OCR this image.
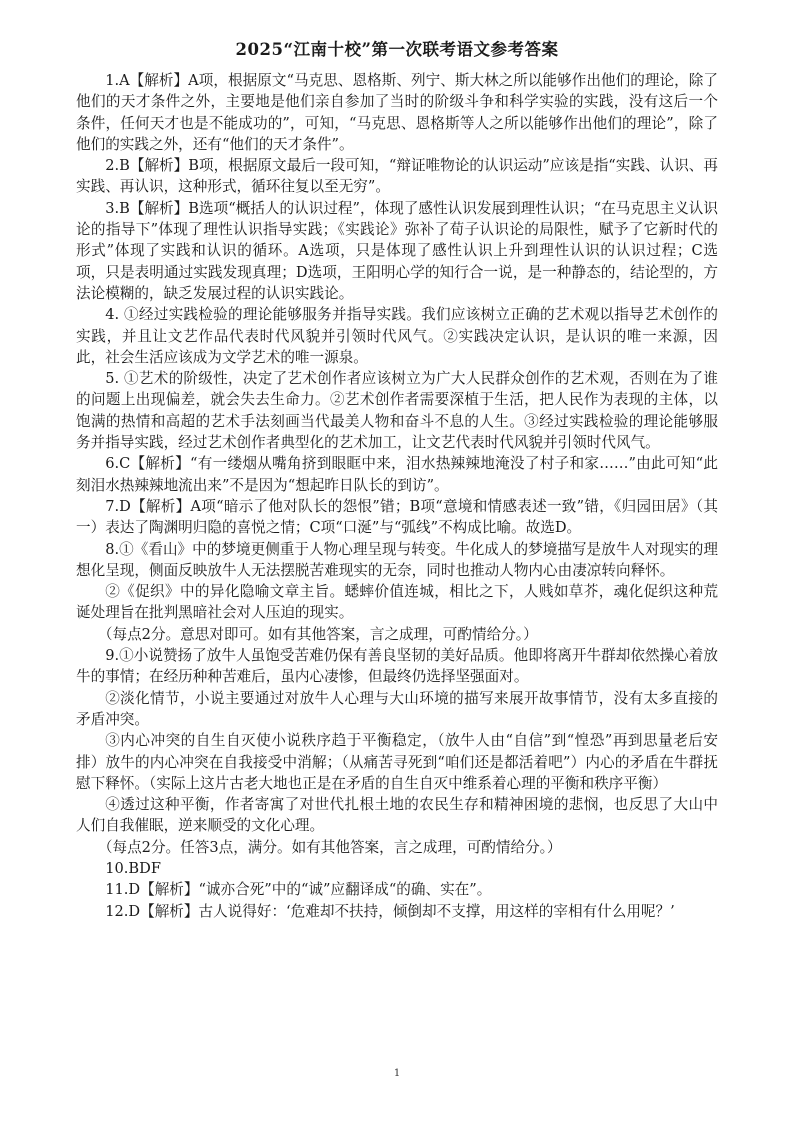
2025“江南十校”第一次联考语文参考答案

1.A【解析】A项，根据原文“马克思、恩格斯、列宁、斯大林之所以能够作出他们的理论，除了他们的天才条件之外，主要地是他们亲自参加了当时的阶级斗争和科学实验的实践，没有这后一个条件，任何天才也是不能成功的”，可知，“马克思、恩格斯等人之所以能够作出他们的理论”，除了他们的实践之外，还有“他们的天才条件”。

2.B【解析】B项，根据原文最后一段可知，“辩证唯物论的认识运动”应该是指“实践、认识、再实践、再认识，这种形式，循环往复以至无穷”。

3.B【解析】B选项“概括人的认识过程”，体现了感性认识发展到理性认识；“在马克思主义认识论的指导下”体现了理性认识指导实践；《实践论》弥补了荀子认识论的局限性，赋予了它新时代的形式”体现了实践和认识的循环。A选项，只是体现了感性认识上升到理性认识的认识过程；C选项，只是表明通过实践发现真理；D选项，王阳明心学的知行合一说，是一种静态的，结论型的，方法论模糊的，缺乏发展过程的认识实践论。

4. ①经过实践检验的理论能够服务并指导实践。我们应该树立正确的艺术观以指导艺术创作的实践，并且让文艺作品代表时代风貌并引领时代风气。②实践决定认识，是认识的唯一来源，因此，社会生活应该成为文学艺术的唯一源泉。

5. ①艺术的阶级性，决定了艺术创作者应该树立为广大人民群众创作的艺术观，否则在为了谁的问题上出现偏差，就会失去生命力。②艺术创作者需要深植于生活，把人民作为表现的主体，以饱满的热情和高超的艺术手法刻画当代最美人物和奋斗不息的人生。③经过实践检验的理论能够服务并指导实践，经过艺术创作者典型化的艺术加工，让文艺代表时代风貌并引领时代风气。

6.C【解析】“有一缕烟从嘴角挤到眼眶中来，泪水热辣辣地淹没了村子和家……”由此可知“此刻泪水热辣辣地流出来”不是因为“想起昨日队长的到访”。

7.D【解析】A项“暗示了他对队长的怨恨”错；B项“意境和情感表述一致”错，《归园田居》（其一）表达了陶渊明归隐的喜悦之情；C项“口涎”与“弧线”不构成比喻。故选D。

8.①《看山》中的梦境更侧重于人物心理呈现与转变。牛化成人的梦境描写是放牛人对现实的理想化呈现，侧面反映放牛人无法摆脱苦难现实的无奈，同时也推动人物内心由凄凉转向释怀。

②《促织》中的异化隐喻文章主旨。蟋蟀价值连城，相比之下，人贱如草芥，魂化促织这种荒诞处理旨在批判黑暗社会对人压迫的现实。

（每点2分。意思对即可。如有其他答案，言之成理，可酌情给分。）

9.①小说赞扬了放牛人虽饱受苦难仍保有善良坚韧的美好品质。他即将离开牛群却依然操心着放牛的事情；在经历种种苦难后，虽内心凄惨，但最终仍选择坚强面对。

②淡化情节，小说主要通过对放牛人心理与大山环境的描写来展开故事情节，没有太多直接的矛盾冲突。

③内心冲突的自生自灭使小说秩序趋于平衡稳定，（放牛人由“自信”到“惶恐”再到思量老后安排）放牛的内心冲突在自我接受中消解；（从痛苦寻死到“咱们还是都活着吧”）内心的矛盾在牛群抚慰下释怀。（实际上这片古老大地也正是在矛盾的自生自灭中维系着心理的平衡和秩序平衡）

④透过这种平衡，作者寄寓了对世代扎根土地的农民生存和精神困境的悲悯，也反思了大山中人们自我催眠，逆来顺受的文化心理。

（每点2分。任答3点，满分。如有其他答案，言之成理，可酌情给分。）

10.BDF

11.D【解析】“诚亦合死”中的“诚”应翻译成“的确、实在”。

12.D【解析】古人说得好：‘危难却不扶持，倾倒却不支撑，用这样的宰相有什么用呢？’

1
